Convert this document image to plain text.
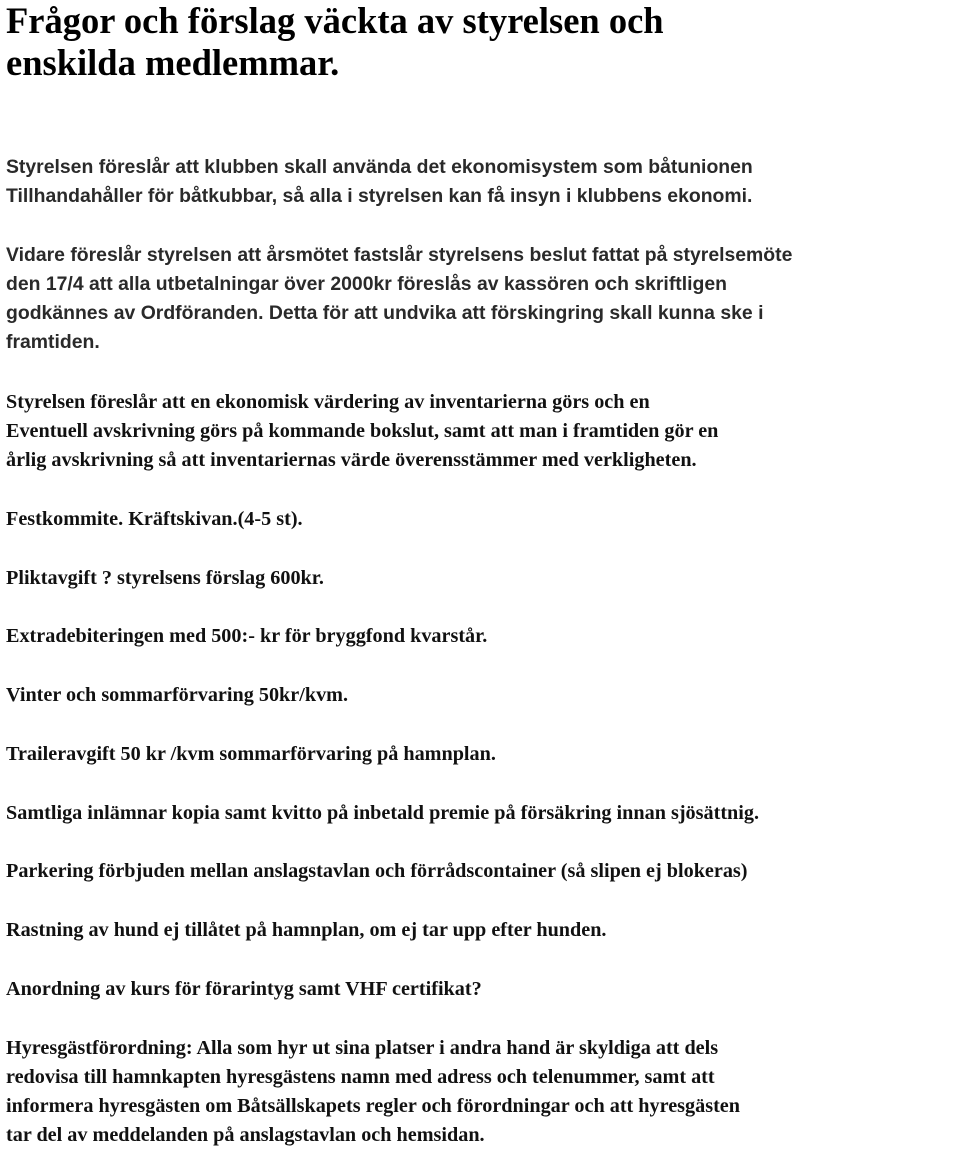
Frågor och förslag väckta av styrelsen och
enskilda medlemmar.

Styrelsen föreslår att klubben skall använda det ekonomisystem som båtunionen
Tillhandahåller för båtkubbar, så alla i styrelsen kan få insyn i klubbens ekonomi.

Vidare föreslår styrelsen att årsmötet fastslår styrelsens beslut fattat på styrelsemöte
den 17/4 att alla utbetalningar över 2000kr föreslås av kassören och skriftligen
godkännes av Ordföranden. Detta för att undvika att förskingring skall kunna ske i
framtiden.

Styrelsen föreslår att en ekonomisk värdering av inventarierna görs och en
Eventuell avskrivning görs på kommande bokslut, samt att man i framtiden gör en
årlig avskrivning så att inventariernas värde överensstämmer med verkligheten.

Festkommite. Kräftskivan.(4-5 st).

Pliktavgift ? styrelsens förslag 600kr.

Extradebiteringen med 500:- kr för bryggfond kvarstår.

Vinter och sommarförvaring 50kr/kvm.

Traileravgift 50 kr /kvm sommarförvaring på hamnplan.

Samtliga inlämnar kopia samt kvitto på inbetald premie på försäkring innan sjösättnig.

Parkering förbjuden mellan anslagstavlan och förrådscontainer (så slipen ej blokeras)

Rastning av hund ej tillåtet på hamnplan, om ej tar upp efter hunden.

Anordning av kurs för förarintyg samt VHF certifikat?

Hyresgästförordning: Alla som hyr ut sina platser i andra hand är skyldiga att dels
redovisa till hamnkapten hyresgästens namn med adress och telenummer, samt att
informera hyresgästen om Båtsällskapets regler och förordningar och att hyresgästen
tar del av meddelanden på anslagstavlan och hemsidan.
